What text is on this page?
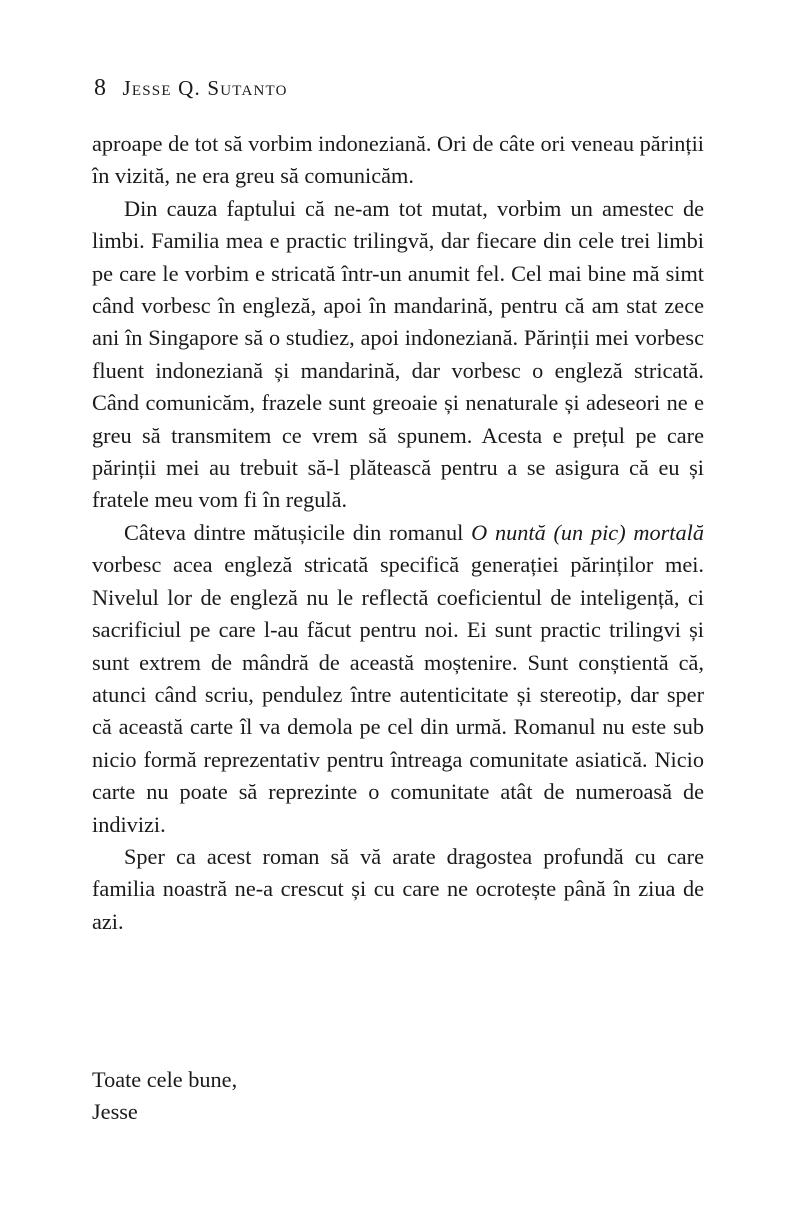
8 Jesse Q. Sutanto

aproape de tot să vorbim indoneziană. Ori de câte ori veneau părinții în vizită, ne era greu să comunicăm.

Din cauza faptului că ne-am tot mutat, vorbim un amestec de limbi. Familia mea e practic trilingvă, dar fiecare din cele trei limbi pe care le vorbim e stricată într-un anumit fel. Cel mai bine mă simt când vorbesc în engleză, apoi în mandarină, pentru că am stat zece ani în Singapore să o studiez, apoi indoneziană. Părinții mei vorbesc fluent indoneziană și mandarină, dar vorbesc o engleză stricată. Când comunicăm, frazele sunt greoaie și nenaturale și adeseori ne e greu să transmitem ce vrem să spunem. Acesta e prețul pe care părinții mei au trebuit să-l plătească pentru a se asigura că eu și fratele meu vom fi în regulă.

Câteva dintre mătușicile din romanul O nuntă (un pic) mortală vorbesc acea engleză stricată specifică generației părinților mei. Nivelul lor de engleză nu le reflectă coeficientul de inteligență, ci sacrificiul pe care l-au făcut pentru noi. Ei sunt practic trilingvi și sunt extrem de mândră de această moștenire. Sunt conștientă că, atunci când scriu, pendulez între autenticitate și stereotip, dar sper că această carte îl va demola pe cel din urmă. Romanul nu este sub nicio formă reprezentativ pentru întreaga comunitate asiatică. Nicio carte nu poate să reprezinte o comunitate atât de numeroasă de indivizi.

Sper ca acest roman să vă arate dragostea profundă cu care familia noastră ne-a crescut și cu care ne ocrotește până în ziua de azi.

Toate cele bune,
Jesse
